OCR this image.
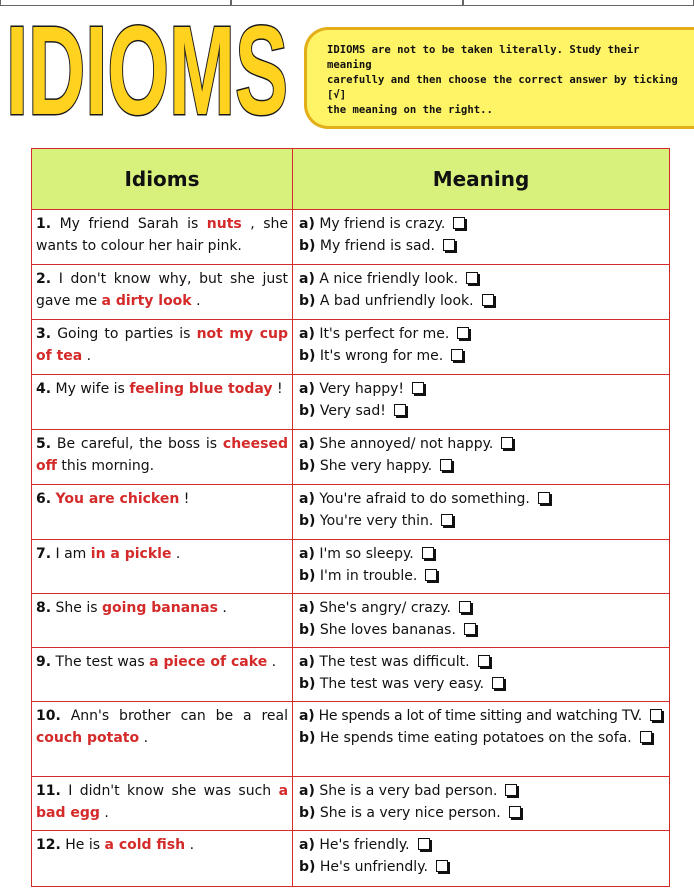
IDIOMS	IDIOMS are not to be taken literally. Study their meaning
carefully and then choose the correct answer by ticking [√]
the meaning on the right..
Idioms	Meaning
1. My friend Sarah is nuts , she wants to colour her hair pink.	a) My friend is crazy.
b) My friend is sad.

2. I don't know why, but she just gave me a dirty look .	a) A nice friendly look.
b) A bad unfriendly look.

3. Going to parties is not my cup of tea .	a) It's perfect for me.
b) It's wrong for me.

4. My wife is feeling blue today !	a) Very happy!
b) Very sad!

5. Be careful, the boss is cheesed off this morning.	a) She annoyed/ not happy.
b) She very happy.

6. You are chicken !	a) You're afraid to do something.
b) You're very thin.

7. I am in a pickle .	a) I'm so sleepy.
b) I'm in trouble.

8. She is going bananas .	a) She's angry/ crazy.
b) She loves bananas.

9. The test was a piece of cake .	a) The test was difficult.
b) The test was very easy.

10. Ann's brother can be a real couch potato .	a) He spends a lot of time sitting and watching TV.
b) He spends time eating potatoes on the sofa.

11. I didn't know she was such a bad egg .	a) She is a very bad person.
b) She is a very nice person.

12. He is a cold fish .	a) He's friendly.
b) He's unfriendly.
